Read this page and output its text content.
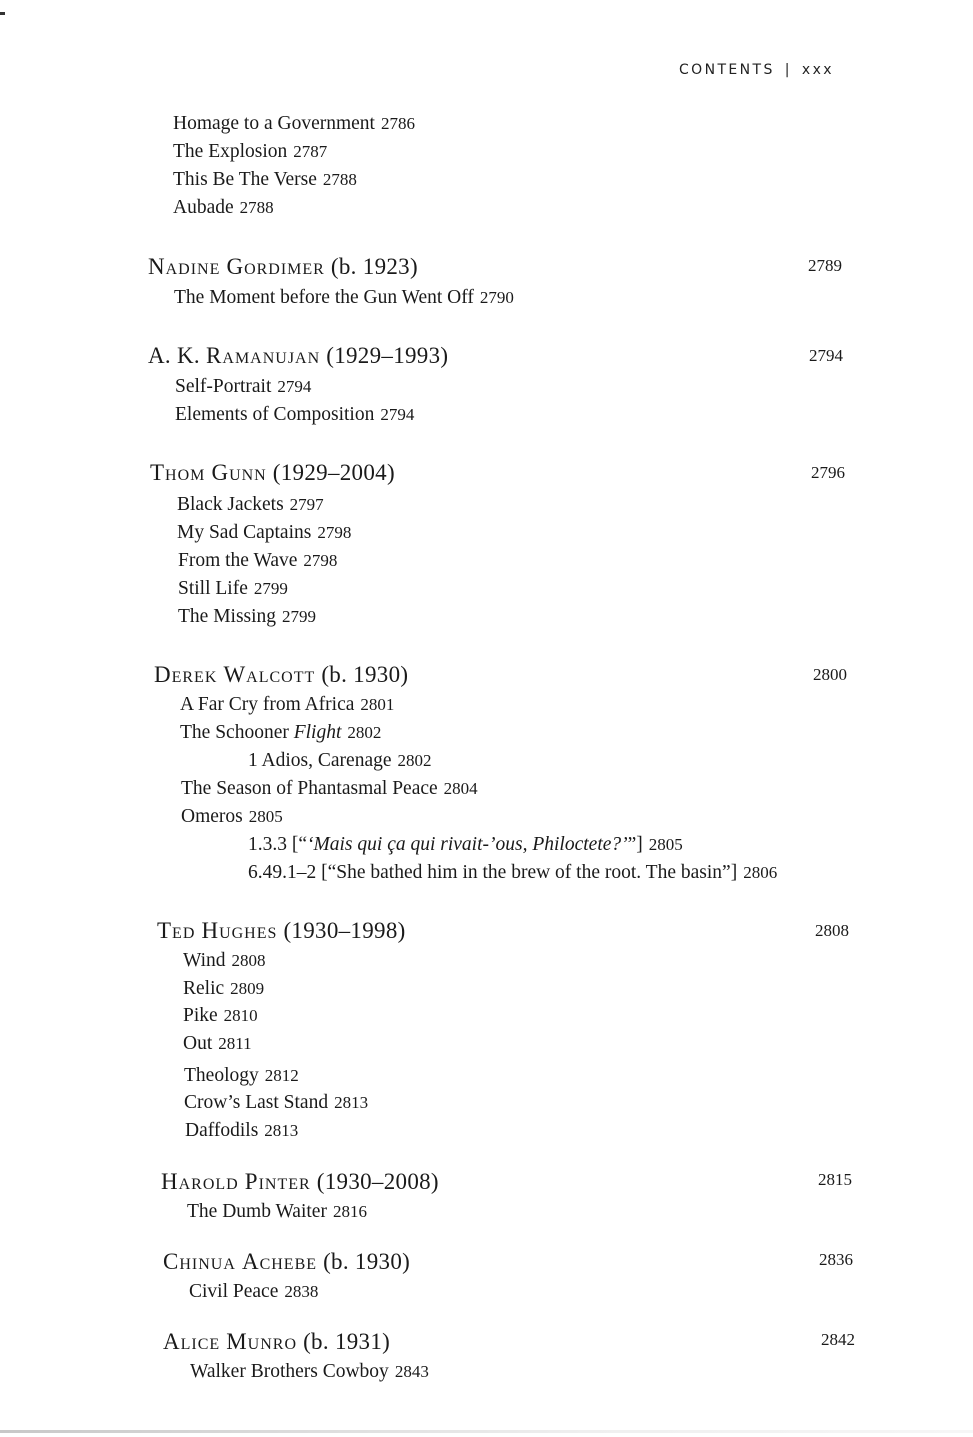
CONTENTS | xxx
Homage to a Government 2786
The Explosion 2787
This Be The Verse 2788
Aubade 2788
Nadine Gordimer (b. 1923)	2789
The Moment before the Gun Went Off 2790
A. K. Ramanujan (1929–1993)	2794
Self-Portrait 2794
Elements of Composition 2794
Thom Gunn (1929–2004)	2796
Black Jackets 2797
My Sad Captains 2798
From the Wave 2798
Still Life 2799
The Missing 2799
Derek Walcott (b. 1930)	2800
A Far Cry from Africa 2801
The Schooner Flight 2802
1 Adios, Carenage 2802
The Season of Phantasmal Peace 2804
Omeros 2805
1.3.3 [“‘Mais qui ça qui rivait-’ous, Philoctete?’”] 2805
6.49.1–2 [“She bathed him in the brew of the root. The basin”] 2806
Ted Hughes (1930–1998)	2808
Wind 2808
Relic 2809
Pike 2810
Out 2811
Theology 2812
Crow’s Last Stand 2813
Daffodils 2813
Harold Pinter (1930–2008)	2815
The Dumb Waiter 2816
Chinua Achebe (b. 1930)	2836
Civil Peace 2838
Alice Munro (b. 1931)	2842
Walker Brothers Cowboy 2843
